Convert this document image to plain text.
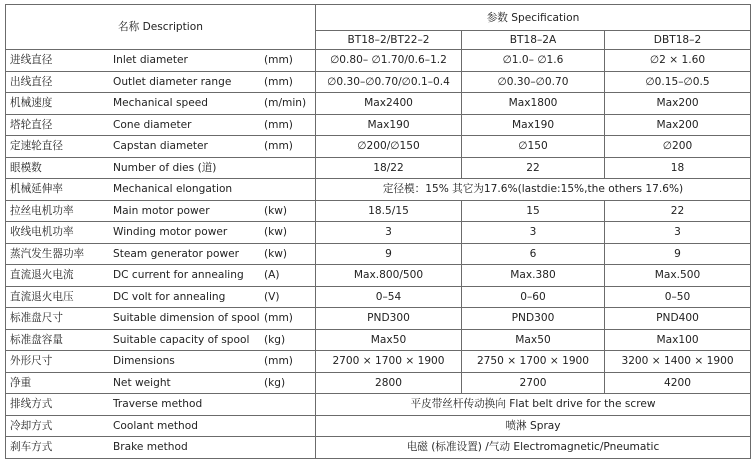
名称 Description	参数 Specification		
	BT18–2/BT22–2	BT18–2A	DBT18–2

进线直径 Inlet diameter (mm)	∅0.80– ∅1.70/0.6–1.2	∅1.0– ∅1.6	∅2 × 1.60

出线直径 Outlet diameter range (mm)	∅0.30–∅0.70/∅0.1–0.4	∅0.30–∅0.70	∅0.15–∅0.5

机械速度 Mechanical speed (m/min)	Max2400	Max1800	Max200

塔轮直径 Cone diameter (mm)	Max190	Max190	Max200

定速轮直径 Capstan diameter (mm)	∅200/∅150	∅150	∅200

眼模数 Number of dies (道)	18/22	22	18

机械延伸率 Mechanical elongation	定径模：15% 其它为17.6%(lastdie:15%,the others 17.6%)		

拉丝电机功率 Main motor power (kw)	18.5/15	15	22

收线电机功率 Winding motor power (kw)	3	3	3

蒸汽发生器功率 Steam generator power (kw)	9	6	9

直流退火电流 DC current for annealing (A)	Max.800/500	Max.380	Max.500

直流退火电压 DC volt for annealing (V)	0–54	0–60	0–50

标准盘尺寸 Suitable dimension of spool (mm)	PND300	PND300	PND400

标准盘容量 Suitable capacity of spool (kg)	Max50	Max50	Max100

外形尺寸 Dimensions (mm)	2700 × 1700 × 1900	2750 × 1700 × 1900	3200 × 1400 × 1900

净重 Net weight (kg)	2800	2700	4200

排线方式 Traverse method	平皮带丝杆传动换向 Flat belt drive for the screw		

冷却方式 Coolant method	喷淋 Spray		

刹车方式 Brake method	电磁 (标准设置) /气动 Electromagnetic/Pneumatic		
